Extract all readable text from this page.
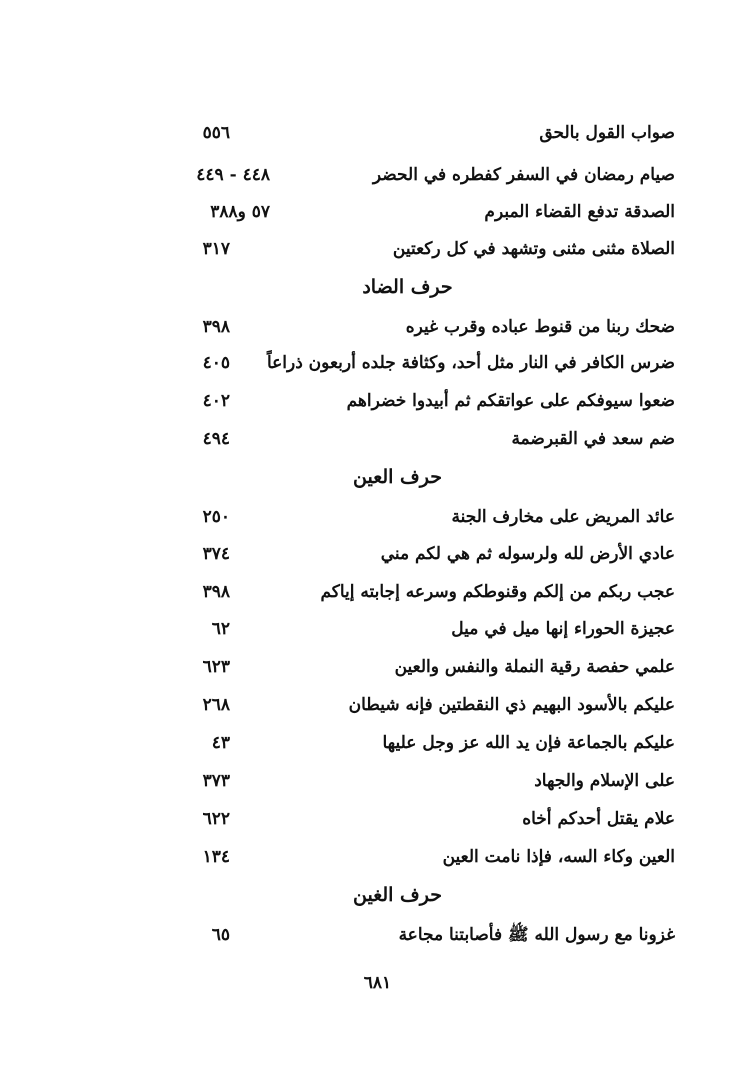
صواب القول بالحق
٥٥٦
صيام رمضان في السفر كفطره في الحضر
٤٤٨ - ٤٤٩
الصدقة تدفع القضاء المبرم
٥٧ و٣٨٨
الصلاة مثنى مثنى وتشهد في كل ركعتين
٣١٧
حرف الضاد
ضحك ربنا من قنوط عباده وقرب غيره
٣٩٨
ضرس الكافر في النار مثل أحد، وكثافة جلده أربعون ذراعاً
٤٠٥
ضعوا سيوفكم على عواتقكم ثم أبيدوا خضراهم
٤٠٢
ضم سعد في القبرضمة
٤٩٤
حرف العين
عائد المريض على مخارف الجنة
٢٥٠
عادي الأرض لله ولرسوله ثم هي لكم مني
٣٧٤
عجب ربكم من إلكم وقنوطكم وسرعه إجابته إياكم
٣٩٨
عجيزة الحوراء إنها ميل في ميل
٦٢
علمي حفصة رقية النملة والنفس والعين
٦٢٣
عليكم بالأسود البهيم ذي النقطتين فإنه شيطان
٢٦٨
عليكم بالجماعة فإن يد الله عز وجل عليها
٤٣
على الإسلام والجهاد
٣٧٣
علام يقتل أحدكم أخاه
٦٢٢
العين وكاء السه، فإذا نامت العين
١٣٤
حرف الغين
غزونا مع رسول الله ﷺ فأصابتنا مجاعة
٦٥
٦٨١
